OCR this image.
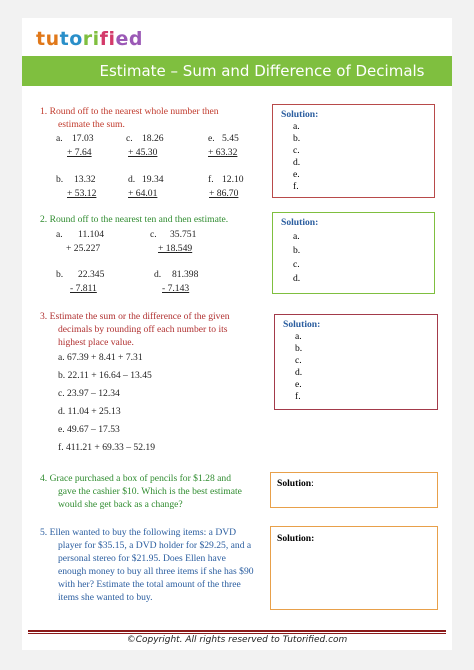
tutorified
Estimate – Sum and Difference of Decimals
1. Round off to the nearest whole number then
estimate the sum.
a. 17.03
+ 7.64
c. 18.26
+ 45.30
e. 5.45
+ 63.32
b. 13.32
+ 53.12
d. 19.34
+ 64.01
f. 12.10
+ 86.70
Solution:
a.
b.
c.
d.
e.
f.
2. Round off to the nearest ten and then estimate.
a. 11.104
+ 25.227
c. 35.751
+ 18.549
b. 22.345
- 7.811
d. 81.398
- 7.143
Solution:
a.
b.
c.
d.
3. Estimate the sum or the difference of the given
decimals by rounding off each number to its
highest place value.
a. 67.39 + 8.41 + 7.31
b. 22.11 + 16.64 – 13.45
c. 23.97 – 12.34
d. 11.04 + 25.13
e. 49.67 – 17.53
f. 411.21 + 69.33 – 52.19
Solution:
a.
b.
c.
d.
e.
f.
4. Grace purchased a box of pencils for $1.28 and
gave the cashier $10. Which is the best estimate
would she get back as a change?
Solution:
5. Ellen wanted to buy the following items: a DVD
player for $35.15, a DVD holder for $29.25, and a
personal stereo for $21.95. Does Ellen have
enough money to buy all three items if she has $90
with her? Estimate the total amount of the three
items she wanted to buy.
Solution:
©Copyright. All rights reserved to Tutorified.com
